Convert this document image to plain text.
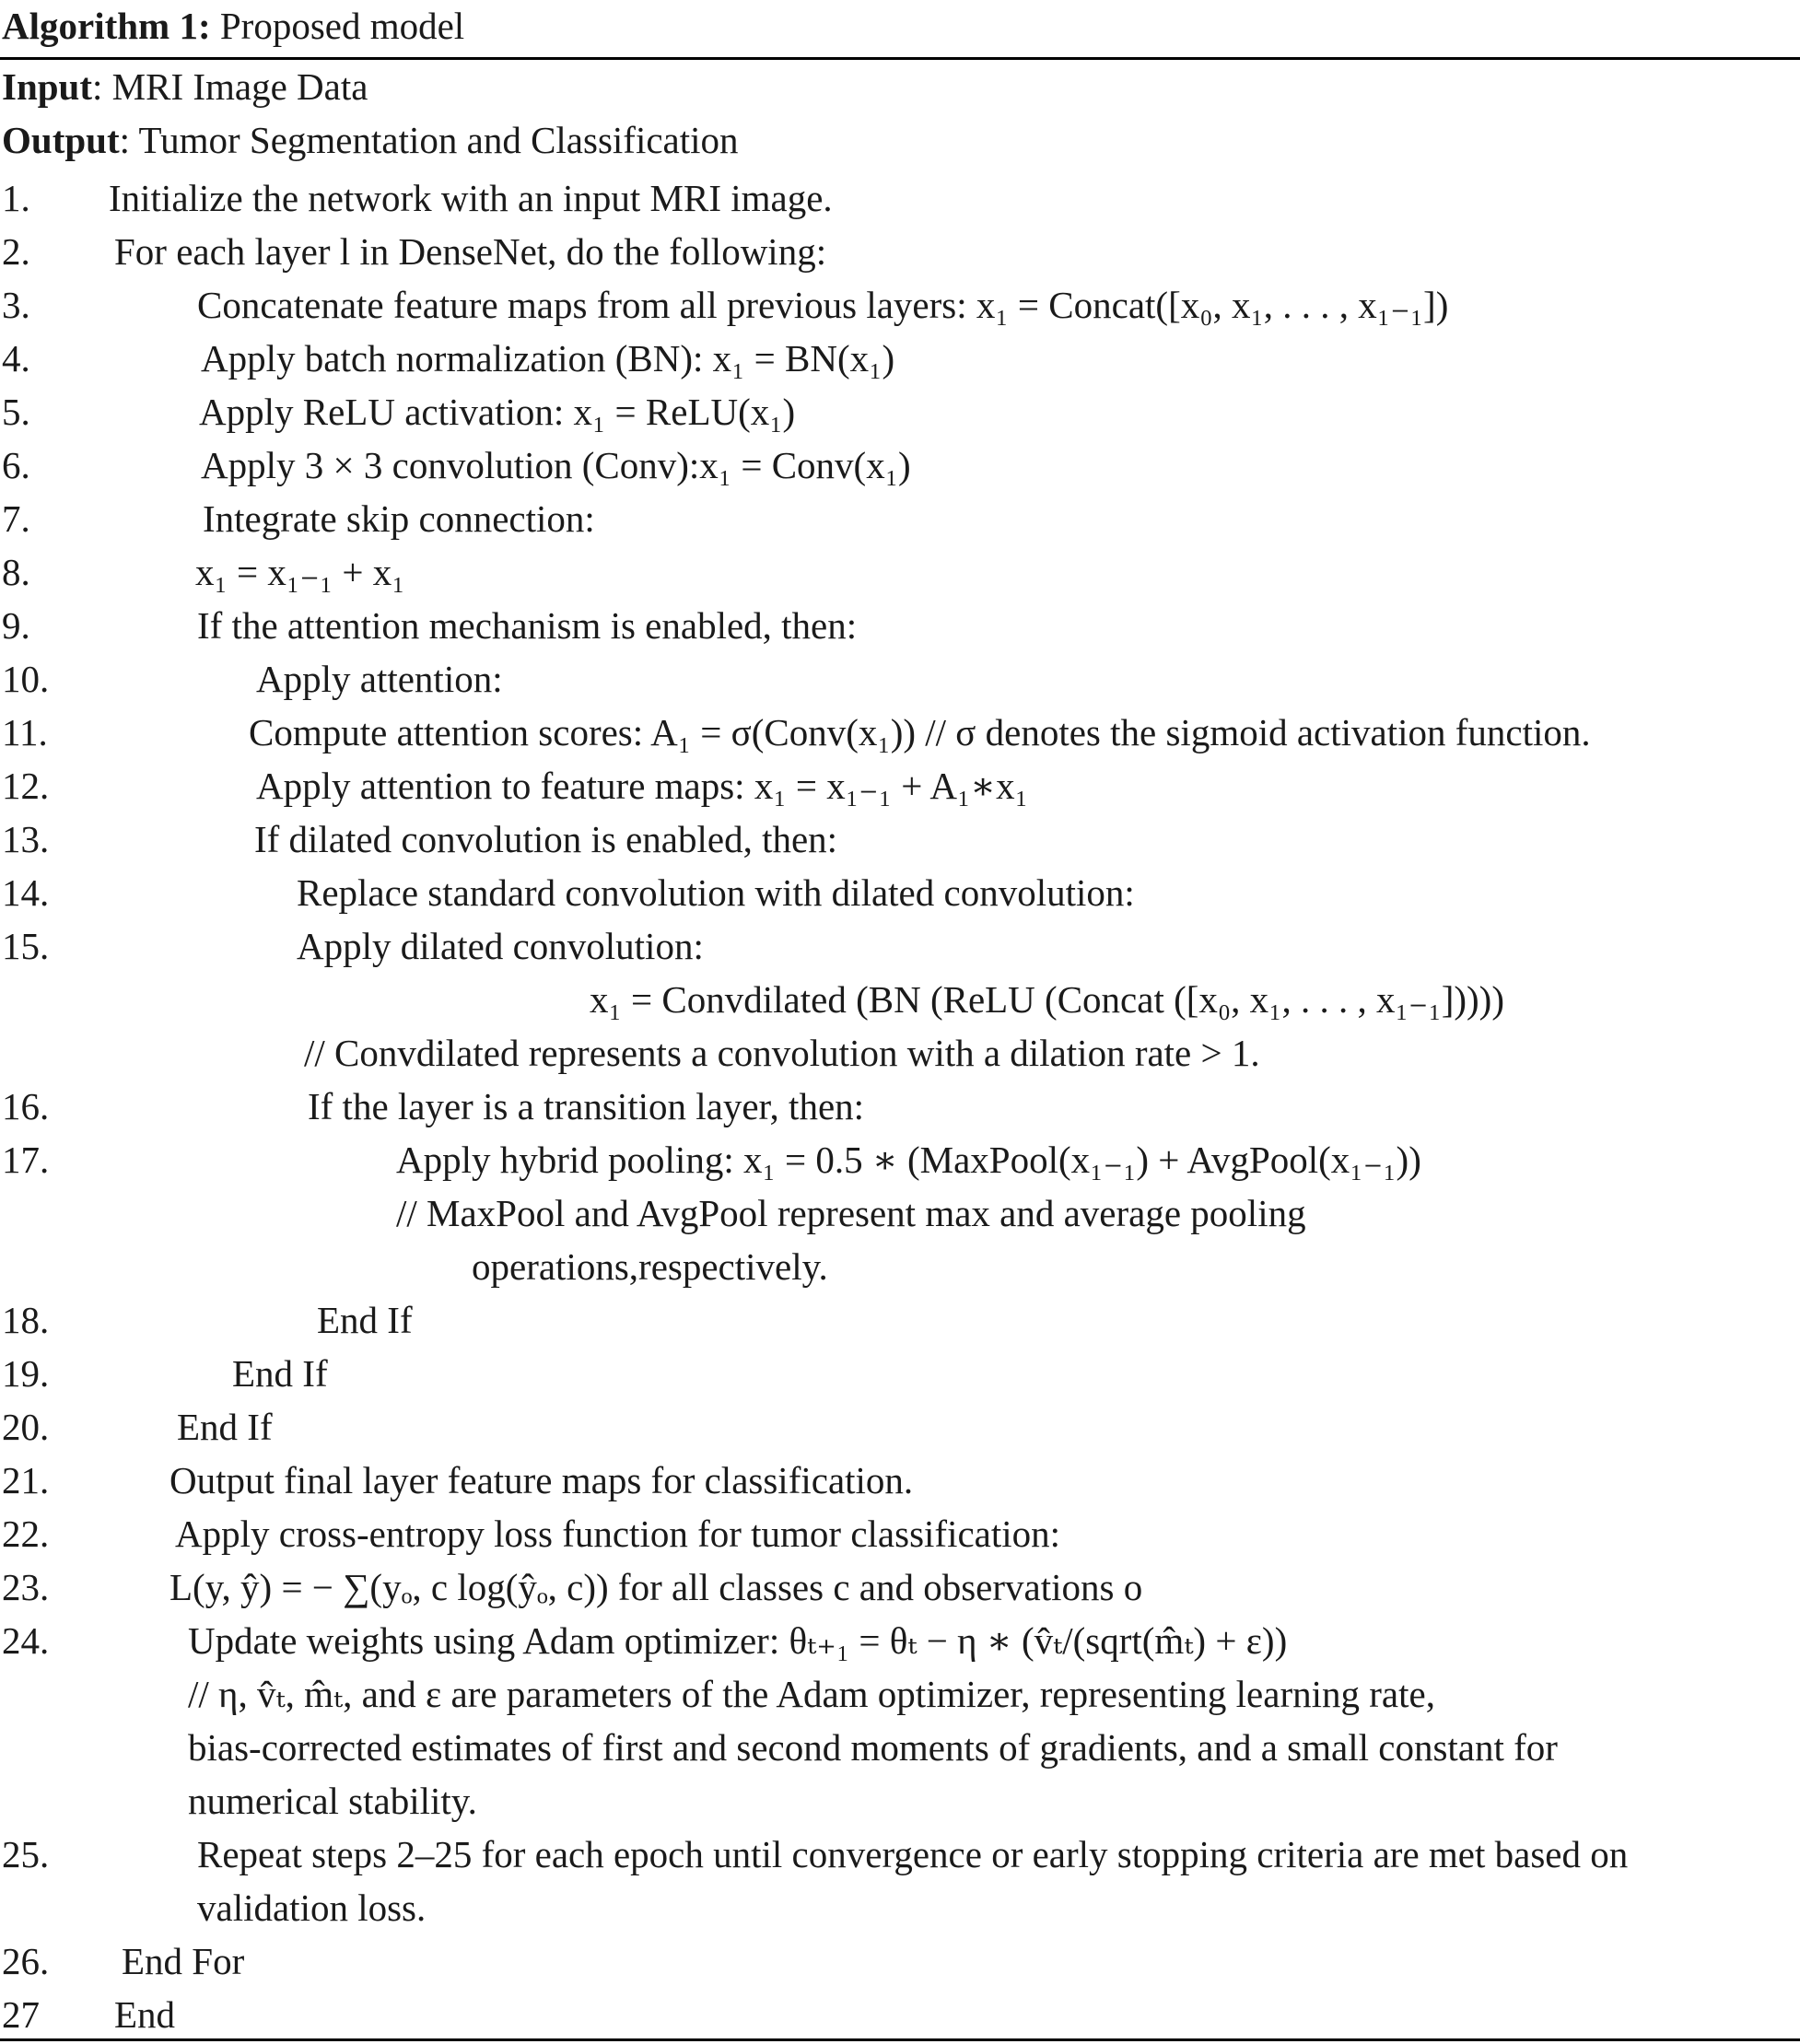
Algorithm 1: Proposed model
Input: MRI Image Data
Output: Tumor Segmentation and Classification
1. Initialize the network with an input MRI image.
2. For each layer l in DenseNet, do the following:
3.	Concatenate feature maps from all previous layers: x₁ = Concat([x₀, x₁, . . . , x₁₋₁])
4.	Apply batch normalization (BN): x₁ = BN(x₁)
5.	Apply ReLU activation: x₁ = ReLU(x₁)
6.	Apply 3 × 3 convolution (Conv):x₁ = Conv(x₁)
7.	Integrate skip connection:
8.	x₁ = x₁₋₁ + x₁
9.	If the attention mechanism is enabled, then:
10.	Apply attention:
11.	Compute attention scores: A₁ = σ(Conv(x₁)) // σ denotes the sigmoid activation function.
12.	Apply attention to feature maps: x₁ = x₁₋₁ + A₁∗x₁
13.	If dilated convolution is enabled, then:
14.	Replace standard convolution with dilated convolution:
15.	Apply dilated convolution:
x₁ = Convdilated (BN (ReLU (Concat ([x₀, x₁, . . . , x₁₋₁]))))
// Convdilated represents a convolution with a dilation rate > 1.
16.	If the layer is a transition layer, then:
17.	Apply hybrid pooling: x₁ = 0.5 ∗ (MaxPool(x₁₋₁) + AvgPool(x₁₋₁))
// MaxPool and AvgPool represent max and average pooling
operations,respectively.
18.	End If
19.	End If
20.	End If
21.	Output final layer feature maps for classification.
22.	Apply cross-entropy loss function for tumor classification:
23.	L(y, ŷ) = − ∑(yₒ, c log(ŷₒ, c)) for all classes c and observations o
24.	Update weights using Adam optimizer: θₜ₊₁ = θₜ − η ∗ (v̂ₜ/(sqrt(m̂ₜ) + ε))
// η, v̂ₜ, m̂ₜ, and ε are parameters of the Adam optimizer, representing learning rate,
bias-corrected estimates of first and second moments of gradients, and a small constant for
numerical stability.
25.	Repeat steps 2–25 for each epoch until convergence or early stopping criteria are met based on
validation loss.
26. End For
27 End
